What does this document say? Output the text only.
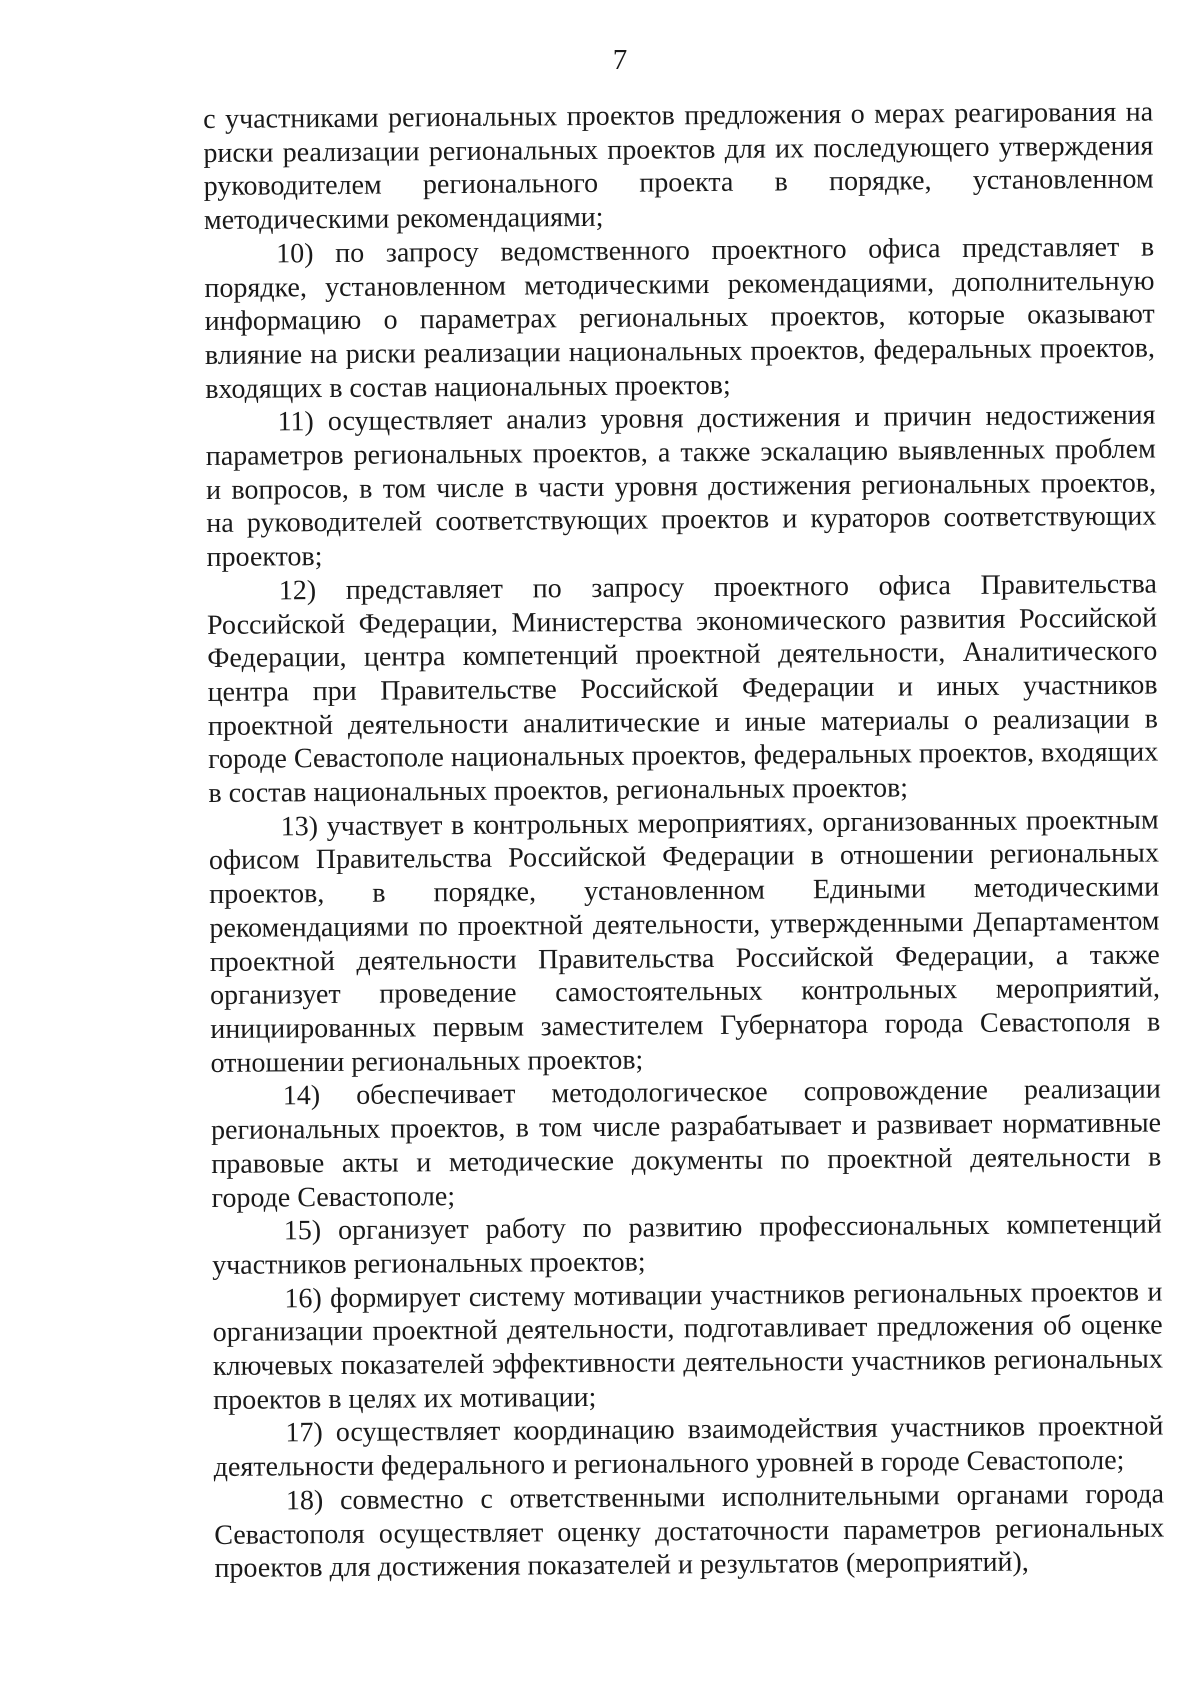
7

с участниками региональных проектов предложения о мерах реагирования на риски реализации региональных проектов для их последующего утверждения руководителем регионального проекта в порядке, установленном методическими рекомендациями;

10) по запросу ведомственного проектного офиса представляет в порядке, установленном методическими рекомендациями, дополнительную информацию о параметрах региональных проектов, которые оказывают влияние на риски реализации национальных проектов, федеральных проектов, входящих в состав национальных проектов;

11) осуществляет анализ уровня достижения и причин недостижения параметров региональных проектов, а также эскалацию выявленных проблем и вопросов, в том числе в части уровня достижения региональных проектов, на руководителей соответствующих проектов и кураторов соответствующих проектов;

12) представляет по запросу проектного офиса Правительства Российской Федерации, Министерства экономического развития Российской Федерации, центра компетенций проектной деятельности, Аналитического центра при Правительстве Российской Федерации и иных участников проектной деятельности аналитические и иные материалы о реализации в городе Севастополе национальных проектов, федеральных проектов, входящих в состав национальных проектов, региональных проектов;

13) участвует в контрольных мероприятиях, организованных проектным офисом Правительства Российской Федерации в отношении региональных проектов, в порядке, установленном Едиными методическими рекомендациями по проектной деятельности, утвержденными Департаментом проектной деятельности Правительства Российской Федерации, а также организует проведение самостоятельных контрольных мероприятий, инициированных первым заместителем Губернатора города Севастополя в отношении региональных проектов;

14) обеспечивает методологическое сопровождение реализации региональных проектов, в том числе разрабатывает и развивает нормативные правовые акты и методические документы по проектной деятельности в городе Севастополе;

15) организует работу по развитию профессиональных компетенций участников региональных проектов;

16) формирует систему мотивации участников региональных проектов и организации проектной деятельности, подготавливает предложения об оценке ключевых показателей эффективности деятельности участников региональных проектов в целях их мотивации;

17) осуществляет координацию взаимодействия участников проектной деятельности федерального и регионального уровней в городе Севастополе;

18) совместно с ответственными исполнительными органами города Севастополя осуществляет оценку достаточности параметров региональных проектов для достижения показателей и результатов (мероприятий),
